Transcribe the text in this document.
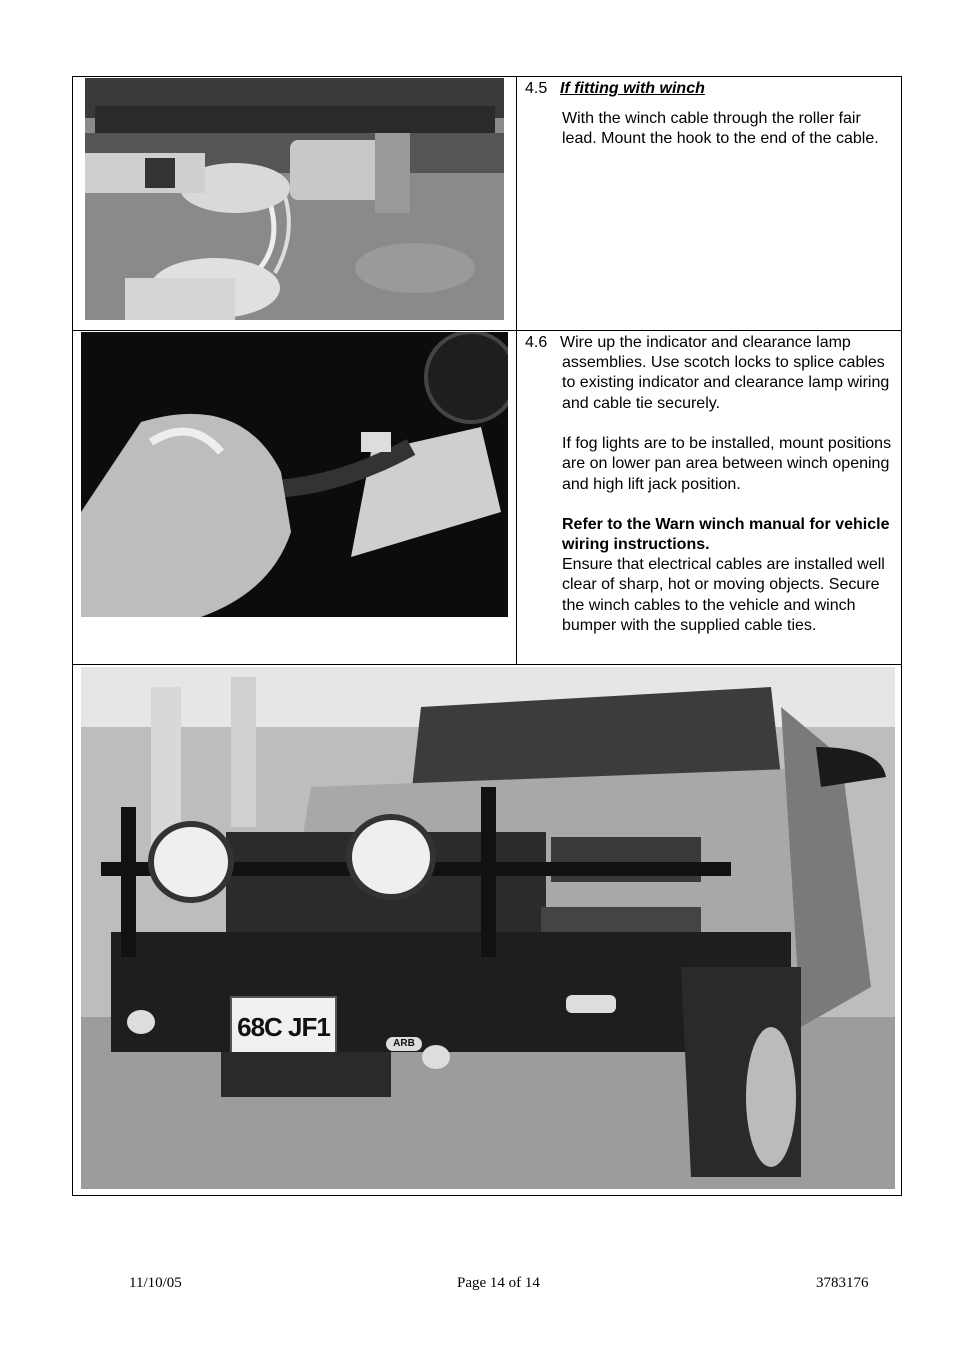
68C JF1
ARB
4.5 If fitting with winch
With the winch cable through the roller fair lead. Mount the hook to the end of the cable.
4.6 Wire up the indicator and clearance lamp
assemblies. Use scotch locks to splice cables to existing indicator and clearance lamp wiring and cable tie securely.
If fog lights are to be installed, mount positions are on lower pan area between winch opening and high lift jack position.
Refer to the Warn winch manual for vehicle wiring instructions.
Ensure that electrical cables are installed well clear of sharp, hot or moving objects. Secure the winch cables to the vehicle and winch bumper with the supplied cable ties.
11/10/05	Page 14 of 14	3783176
